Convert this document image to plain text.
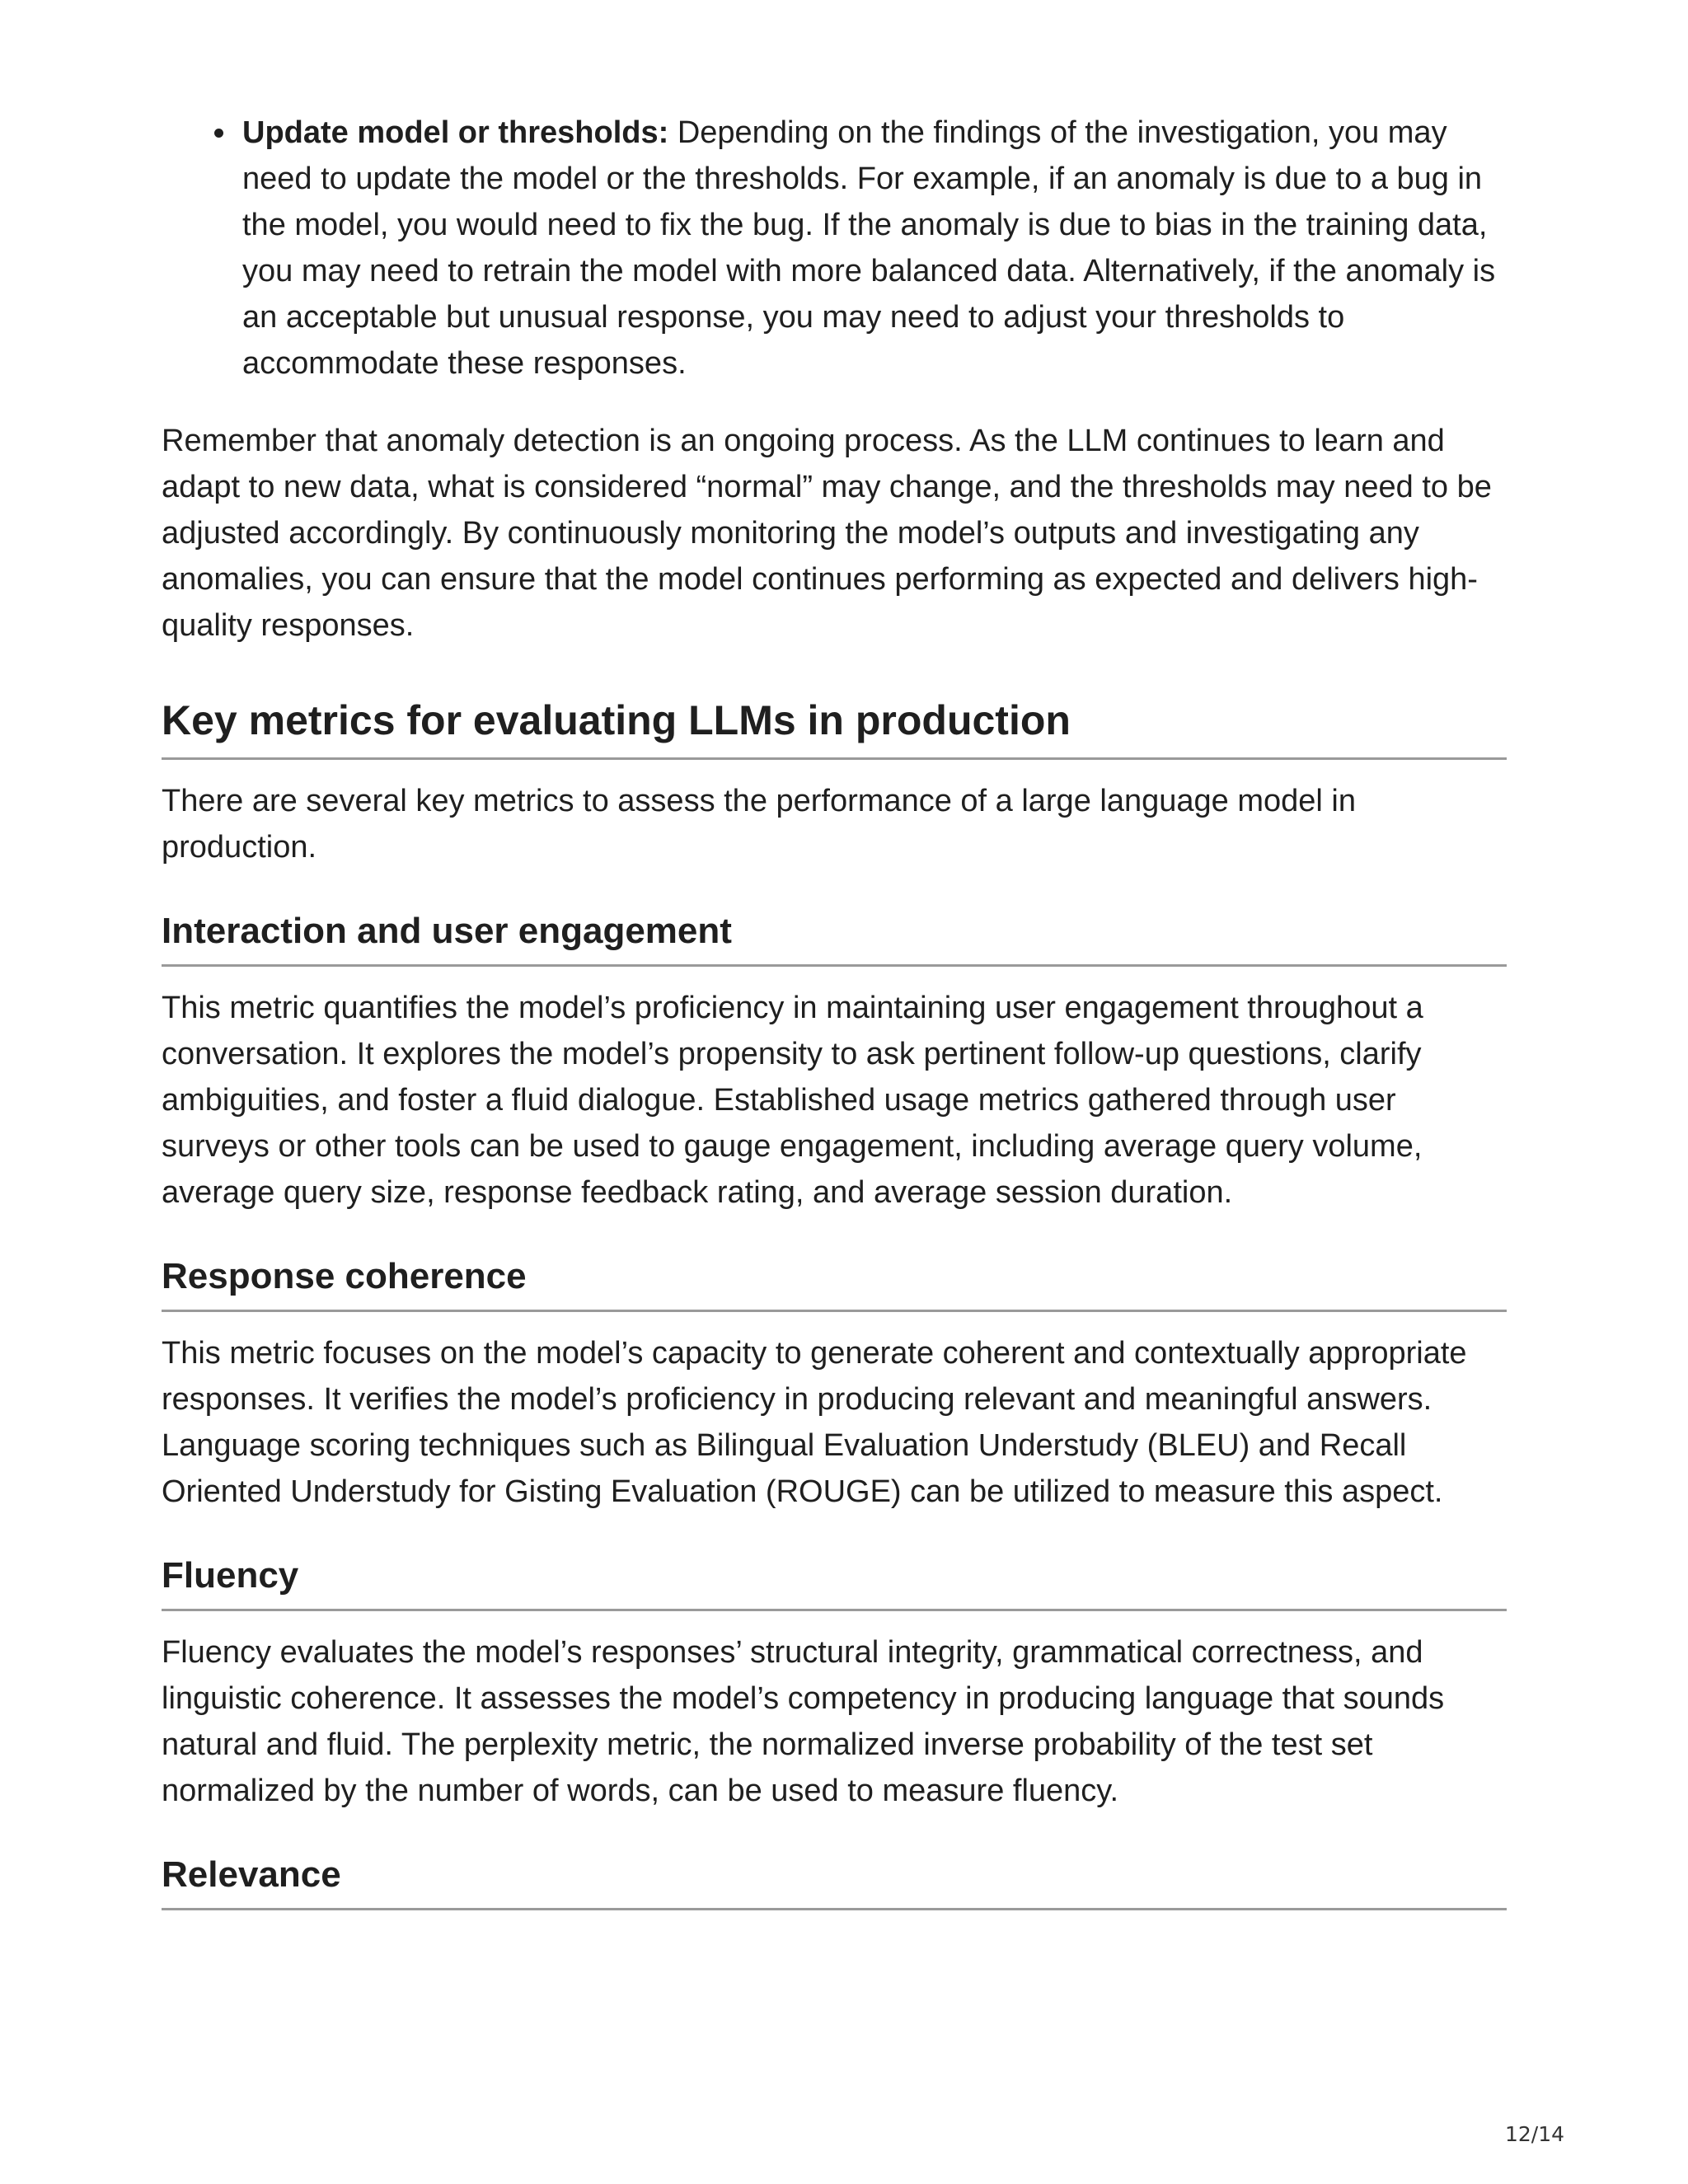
Update model or thresholds: Depending on the findings of the investigation, you may need to update the model or the thresholds. For example, if an anomaly is due to a bug in the model, you would need to fix the bug. If the anomaly is due to bias in the training data, you may need to retrain the model with more balanced data. Alternatively, if the anomaly is an acceptable but unusual response, you may need to adjust your thresholds to accommodate these responses.

Remember that anomaly detection is an ongoing process. As the LLM continues to learn and adapt to new data, what is considered “normal” may change, and the thresholds may need to be adjusted accordingly. By continuously monitoring the model’s outputs and investigating any anomalies, you can ensure that the model continues performing as expected and delivers high-quality responses.

Key metrics for evaluating LLMs in production

There are several key metrics to assess the performance of a large language model in production.

Interaction and user engagement

This metric quantifies the model’s proficiency in maintaining user engagement throughout a conversation. It explores the model’s propensity to ask pertinent follow-up questions, clarify ambiguities, and foster a fluid dialogue. Established usage metrics gathered through user surveys or other tools can be used to gauge engagement, including average query volume, average query size, response feedback rating, and average session duration.

Response coherence

This metric focuses on the model’s capacity to generate coherent and contextually appropriate responses. It verifies the model’s proficiency in producing relevant and meaningful answers. Language scoring techniques such as Bilingual Evaluation Understudy (BLEU) and Recall Oriented Understudy for Gisting Evaluation (ROUGE) can be utilized to measure this aspect.

Fluency

Fluency evaluates the model’s responses’ structural integrity, grammatical correctness, and linguistic coherence. It assesses the model’s competency in producing language that sounds natural and fluid. The perplexity metric, the normalized inverse probability of the test set normalized by the number of words, can be used to measure fluency.

Relevance
12/14
